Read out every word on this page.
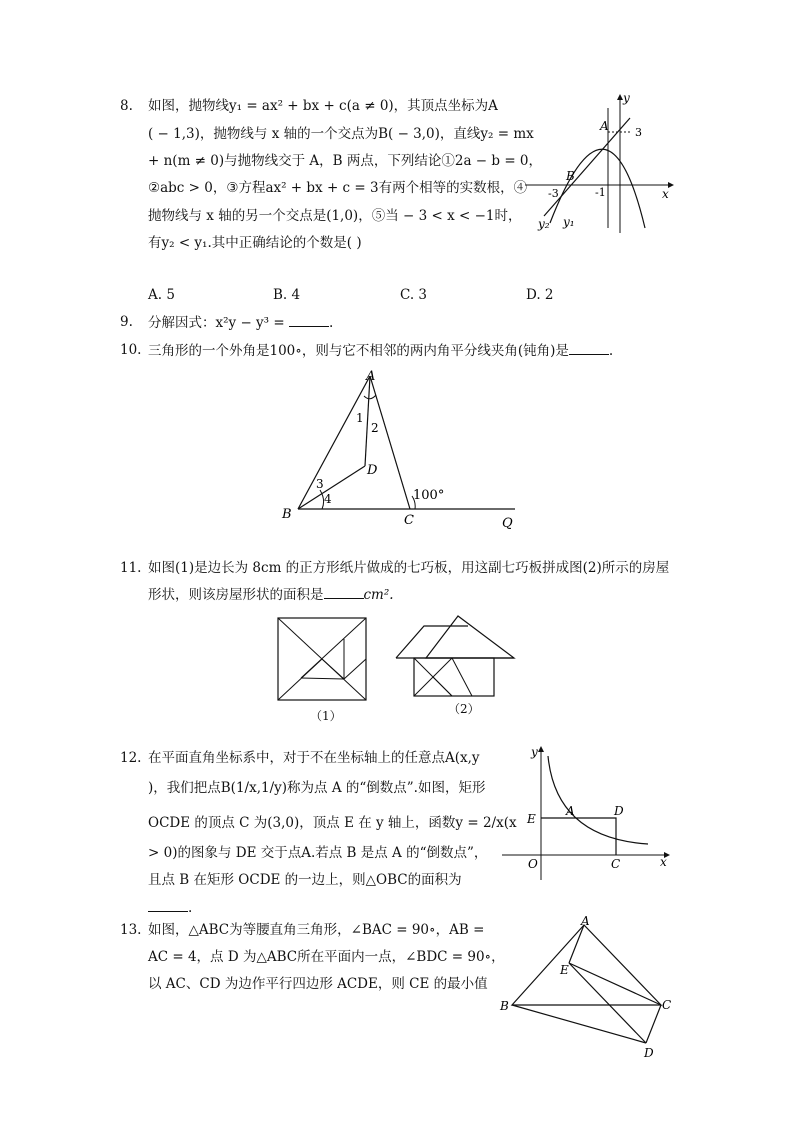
8. 如图，抛物线y₁ = ax² + bx + c(a ≠ 0)，其顶点坐标为A
( − 1,3)，抛物线与 x 轴的一个交点为B( − 3,0)，直线y₂ = mx
+ n(m ≠ 0)与抛物线交于 A，B 两点，下列结论①2a − b = 0，
②abc > 0，③方程ax² + bx + c = 3有两个相等的实数根，④
抛物线与 x 轴的另一个交点是(1,0)，⑤当 − 3 < x < −1时，
有y₂ < y₁.其中正确结论的个数是( )
A. 5	B. 4	C. 3	D. 2
A 3
B
-3	-1	x
y
y₂ y₁
9. 分解因式：x²y − y³ =	.
10. 三角形的一个外角是100∘，则与它不相邻的两内角平分线夹角(钝角)是	.
A
1
2
D
3
4	100°
B	C	Q
11. 如图(1)是边长为 8cm 的正方形纸片做成的七巧板，用这副七巧板拼成图(2)所示的房屋
形状，则该房屋形状的面积是	cm².
（1）	（2）
12. 在平面直角坐标系中，对于不在坐标轴上的任意点A(x,y
)，我们把点B(1/x,1/y)称为点 A 的“倒数点”.如图，矩形
OCDE 的顶点 C 为(3,0)，顶点 E 在 y 轴上，函数y = 2/x(x
> 0)的图象与 DE 交于点A.若点 B 是点 A 的“倒数点”，
且点 B 在矩形 OCDE 的一边上，则△OBC的面积为
.
y
x
E
A	D
O	C
13. 如图，△ABC为等腰直角三角形，∠BAC = 90∘，AB =
AC = 4，点 D 为△ABC所在平面内一点，∠BDC = 90∘，
以 AC、CD 为边作平行四边形 ACDE，则 CE 的最小值
A
E
B	C
D
